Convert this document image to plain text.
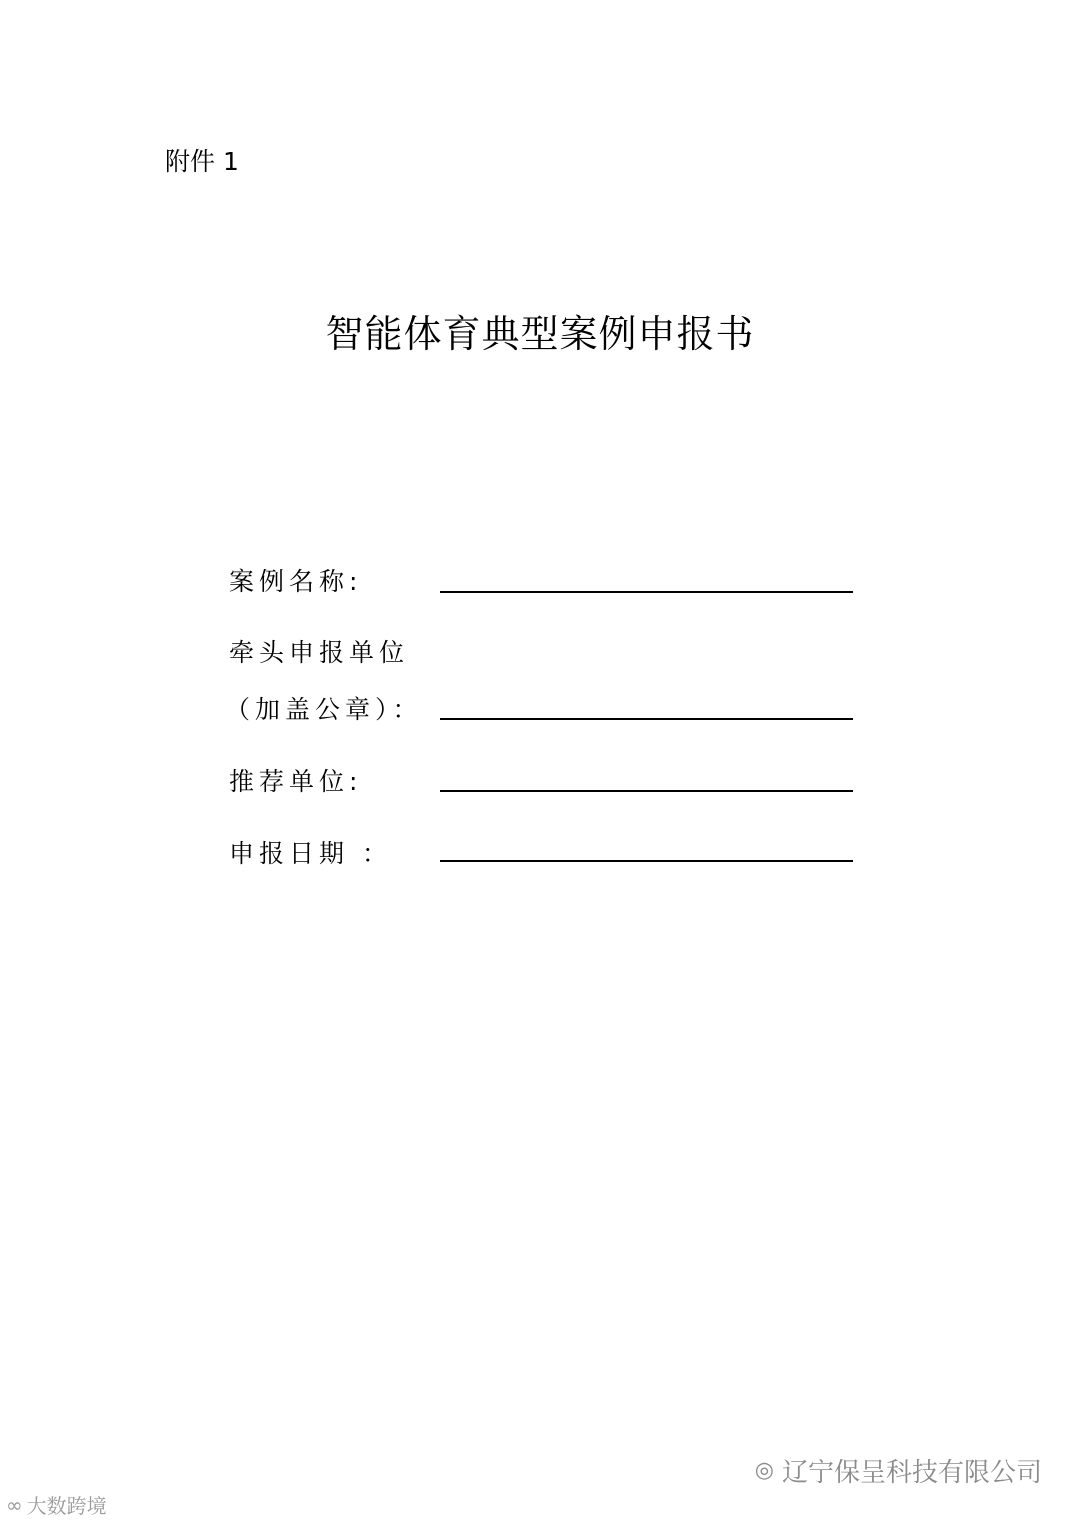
附件 1
智能体育典型案例申报书
案例名称:
牵头申报单位
（加盖公章）：
推荐单位:
申报日期 ：
◎ 辽宁保呈科技有限公司
∞ 大数跨境
